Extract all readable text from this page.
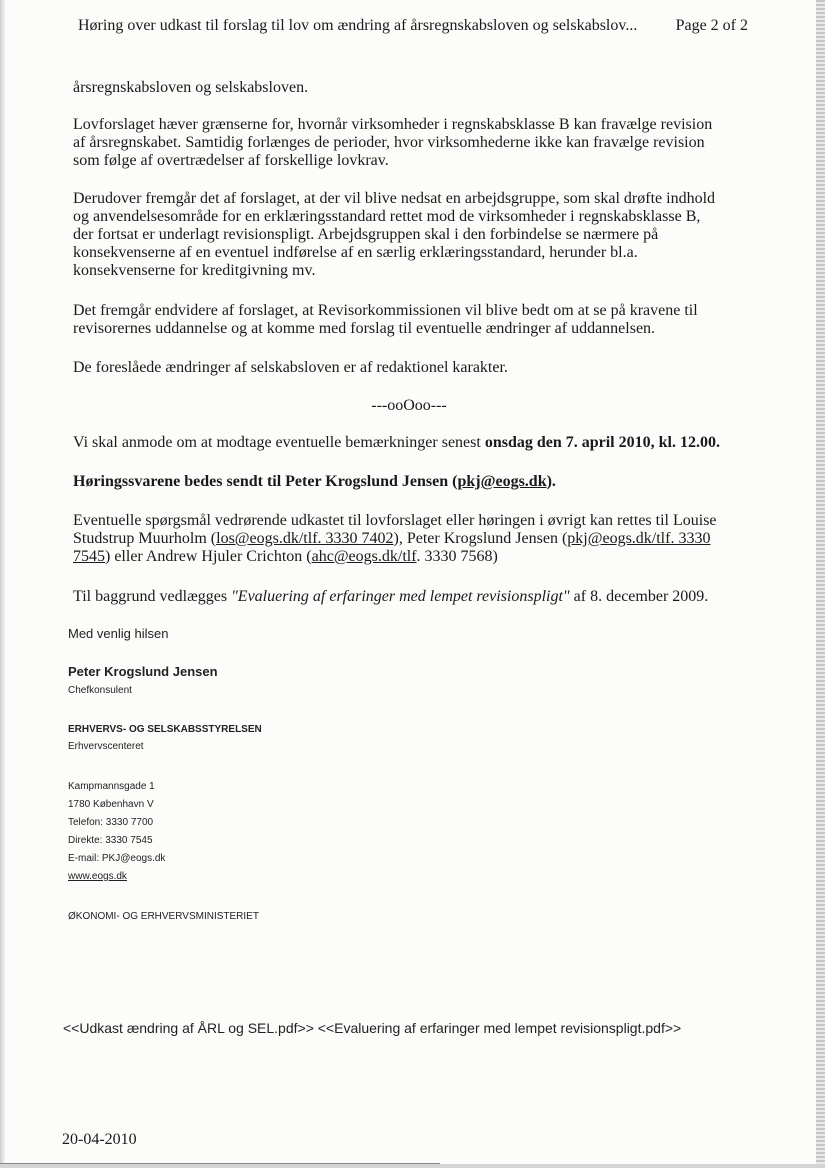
Høring over udkast til forslag til lov om ændring af årsregnskabsloven og selskabslov... Page 2 of 2
årsregnskabsloven og selskabsloven.
Lovforslaget hæver grænserne for, hvornår virksomheder i regnskabsklasse B kan fravælge revision
af årsregnskabet. Samtidig forlænges de perioder, hvor virksomhederne ikke kan fravælge revision
som følge af overtrædelser af forskellige lovkrav.
Derudover fremgår det af forslaget, at der vil blive nedsat en arbejdsgruppe, som skal drøfte indhold
og anvendelsesområde for en erklæringsstandard rettet mod de virksomheder i regnskabsklasse B,
der fortsat er underlagt revisionspligt. Arbejdsgruppen skal i den forbindelse se nærmere på
konsekvenserne af en eventuel indførelse af en særlig erklæringsstandard, herunder bl.a.
konsekvenserne for kreditgivning mv.
Det fremgår endvidere af forslaget, at Revisorkommissionen vil blive bedt om at se på kravene til
revisorernes uddannelse og at komme med forslag til eventuelle ændringer af uddannelsen.
De foreslåede ændringer af selskabsloven er af redaktionel karakter.
---ooOoo---
Vi skal anmode om at modtage eventuelle bemærkninger senest onsdag den 7. april 2010, kl. 12.00.
Høringssvarene bedes sendt til Peter Krogslund Jensen (pkj@eogs.dk).
Eventuelle spørgsmål vedrørende udkastet til lovforslaget eller høringen i øvrigt kan rettes til Louise
Studstrup Muurholm (los@eogs.dk/tlf. 3330 7402), Peter Krogslund Jensen (pkj@eogs.dk/tlf. 3330
7545) eller Andrew Hjuler Crichton (ahc@eogs.dk/tlf. 3330 7568)
Til baggrund vedlægges "Evaluering af erfaringer med lempet revisionspligt" af 8. december 2009.
Med venlig hilsen
Peter Krogslund Jensen
Chefkonsulent
ERHVERVS- OG SELSKABSSTYRELSEN
Erhvervscenteret
Kampmannsgade 1
1780 København V
Telefon: 3330 7700
Direkte: 3330 7545
E-mail: PKJ@eogs.dk
www.eogs.dk
ØKONOMI- OG ERHVERVSMINISTERIET
<<Udkast ændring af ÅRL og SEL.pdf>> <<Evaluering af erfaringer med lempet revisionspligt.pdf>>
20-04-2010
